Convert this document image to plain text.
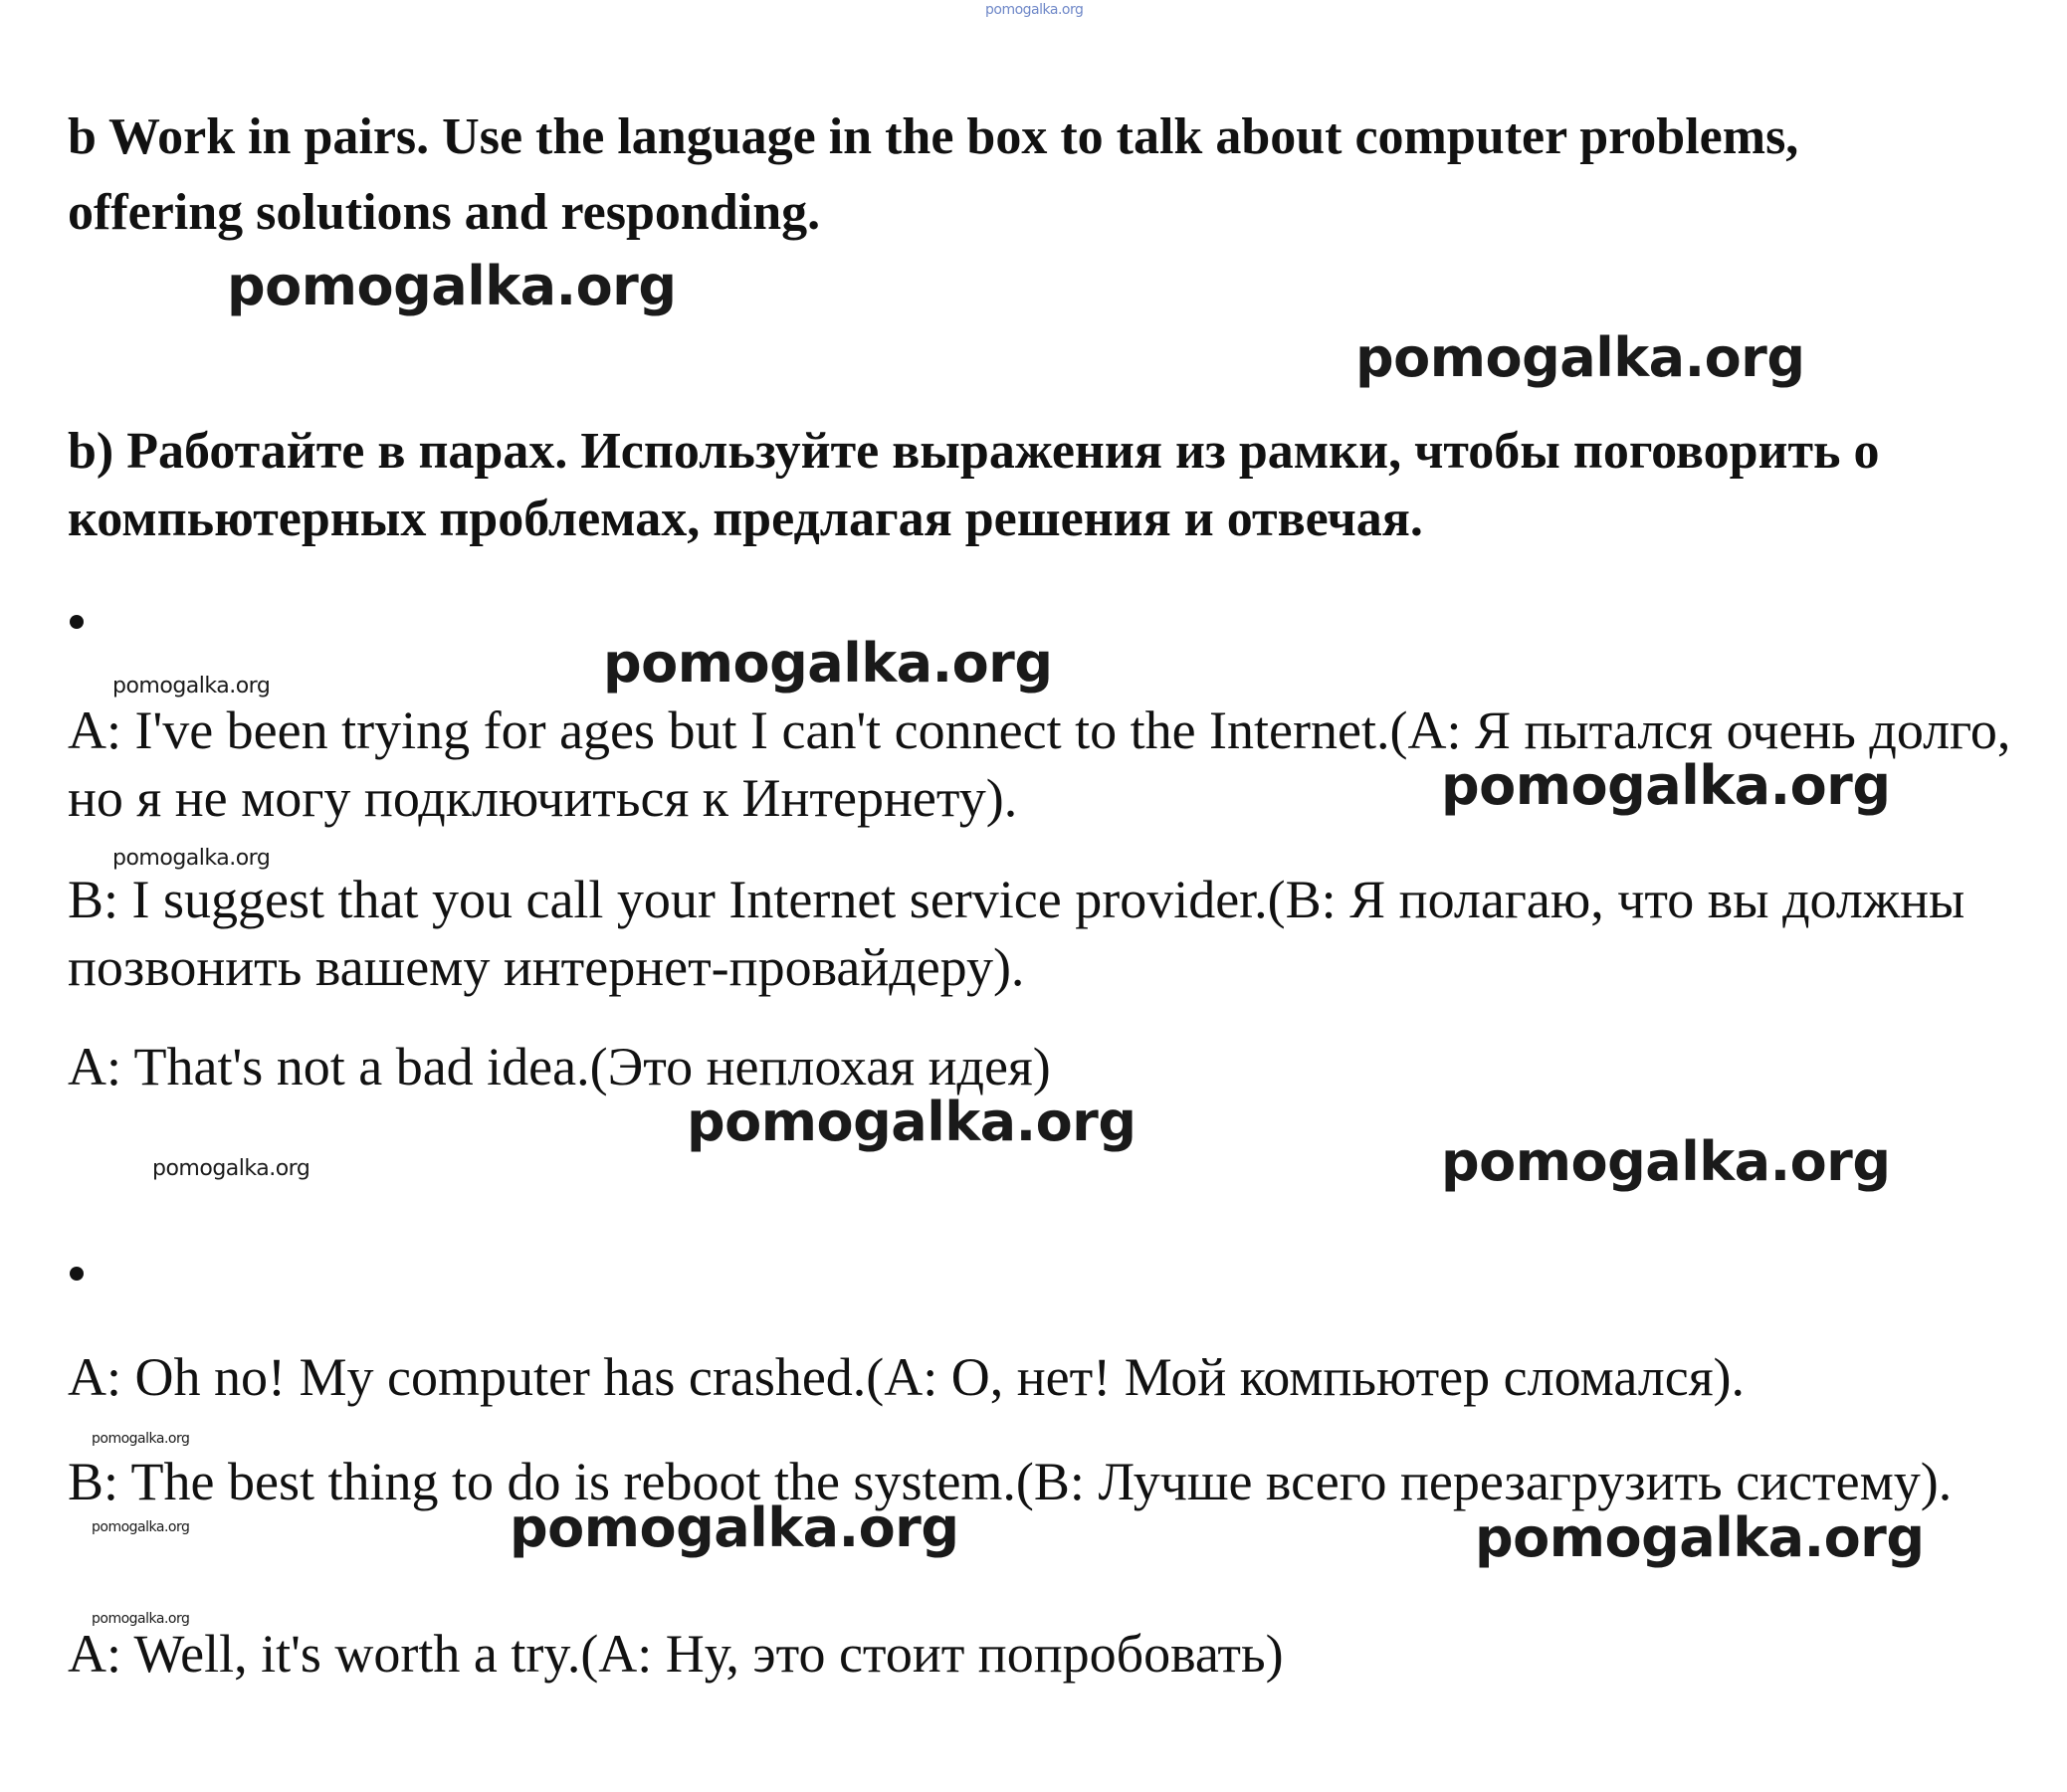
pomogalka.org

b Work in pairs. Use the language in the box to talk about computer problems, offering solutions and responding.

pomogalka.org
pomogalka.org

b) Работайте в парах. Используйте выражения из рамки, чтобы поговорить о компьютерных проблемах, предлагая решения и отвечая.

pomogalka.org	pomogalka.org

A: I've been trying for ages but I can't connect to the Internet.(A: Я пытался очень долго, но я не могу подключиться к Интернету).	pomogalka.org
pomogalka.org

B: I suggest that you call your Internet service provider.(B: Я полагаю, что вы должны позвонить вашему интернет-провайдеру).

A: That's not a bad idea.(Это неплохая идея)

pomogalka.org
pomogalka.org	pomogalka.org

A: Oh no! My computer has crashed.(A: О, нет! Мой компьютер сломался).

pomogalka.org

B: The best thing to do is reboot the system.(B: Лучше всего перезагрузить систему).

pomogalka.org	pomogalka.org	pomogalka.org
pomogalka.org

A: Well, it's worth a try.(A: Ну, это стоит попробовать)
